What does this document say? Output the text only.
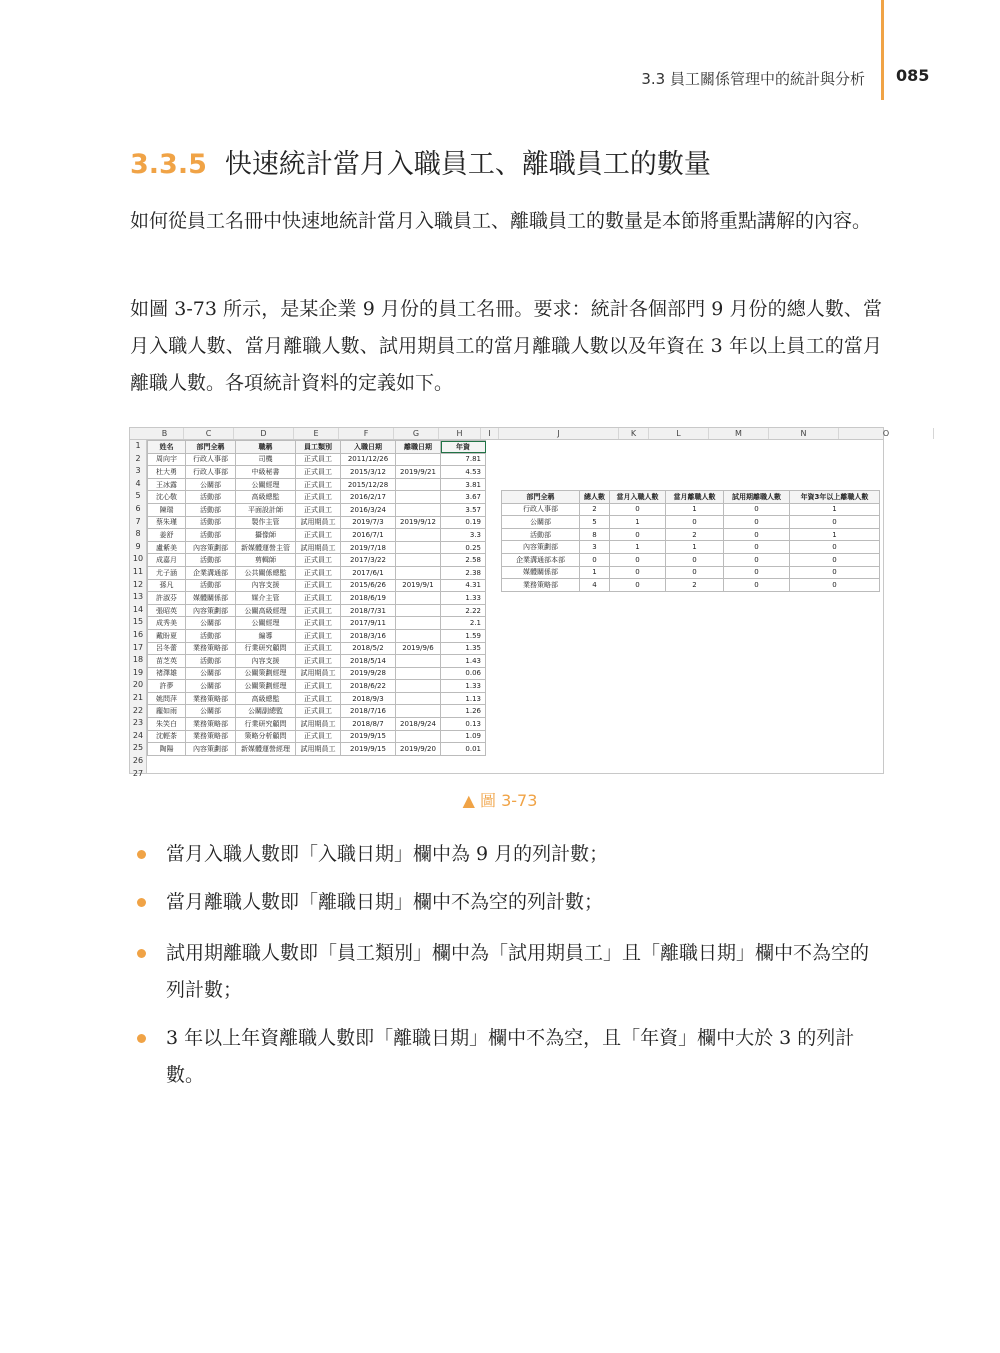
3.3 員工關係管理中的統計與分析 085
3.3.5 快速統計當月入職員工、離職員工的數量
如何從員工名冊中快速地統計當月入職員工、離職員工的數量是本節將重點講解的內容。
如圖 3-73 所示，是某企業 9 月份的員工名冊。要求：統計各個部門 9 月份的總人數、當月入職人數、當月離職人數、試用期員工的當月離職人數以及年資在 3 年以上員工的當月離職人數。各項統計資料的定義如下。
B	C	D	E	F	G	H	I	J	K	L	M	N	O
1
2
3
4
5
6
7
8
9
10
11
12
13
14
15
16
17
18
19
20
21
22
23
24
25
26
27
姓名	部門全稱	職稱	員工類別	入職日期	離職日期	年資
周向宇	行政人事部	司機	正式員工	2011/12/26		7.81
杜大勇	行政人事部	中級秘書	正式員工	2015/3/12	2019/9/21	4.53
王冰露	公關部	公關經理	正式員工	2015/12/28		3.81
沈心敬	活動部	高級總監	正式員工	2016/2/17		3.67
陳瑞	活動部	平面設計師	正式員工	2016/3/24		3.57
蔡朱瑾	活動部	製作主管	試用期員工	2019/7/3	2019/9/12	0.19
姜舒	活動部	攝像師	正式員工	2016/7/1		3.3
盧紫美	內容策劃部	新媒體運營主管	試用期員工	2019/7/18		0.25
成嘉月	活動部	剪輯師	正式員工	2017/3/22		2.58
尤子涵	企業溝通部	公共關係總監	正式員工	2017/6/1		2.38
孫凡	活動部	內容支援	正式員工	2015/6/26	2019/9/1	4.31
許淑芬	媒體關係部	媒介主管	正式員工	2018/6/19		1.33
張昭英	內容策劃部	公關高級經理	正式員工	2018/7/31		2.22
成秀美	公關部	公關經理	正式員工	2017/9/11		2.1
戴盼夏	活動部	編導	正式員工	2018/3/16		1.59
呂冬蕾	業務策略部	行業研究顧問	正式員工	2018/5/2	2019/9/6	1.35
苗芝英	活動部	內容支援	正式員工	2018/5/14		1.43
褚澤雄	公關部	公關策劃經理	試用期員工	2019/9/28		0.06
許夢	公關部	公關策劃經理	正式員工	2018/6/22		1.33
姚問萍	業務策略部	高級總監	正式員工	2018/9/3		1.13
龐如雨	公關部	公關副總監	正式員工	2018/7/16		1.26
朱笑白	業務策略部	行業研究顧問	試用期員工	2018/8/7	2018/9/24	0.13
沈輕茶	業務策略部	策略分析顧問	正式員工	2019/9/15		1.09
陶陽	內容策劃部	新媒體運營經理	試用期員工	2019/9/15	2019/9/20	0.01
部門全稱	總人數	當月入職人數	當月離職人數	試用期離職人數	年資3年以上離職人數
行政人事部	2	0	1	0	1
公關部	5	1	0	0	0
活動部	8	0	2	0	1
內容策劃部	3	1	1	0	0
企業溝通部本部	0	0	0	0	0
媒體關係部	1	0	0	0	0
業務策略部	4	0	2	0	0
▲ 圖 3-73
當月入職人數即「入職日期」欄中為 9 月的列計數；
當月離職人數即「離職日期」欄中不為空的列計數；
試用期離職人數即「員工類別」欄中為「試用期員工」且「離職日期」欄中不為空的列計數；
3 年以上年資離職人數即「離職日期」欄中不為空，且「年資」欄中大於 3 的列計數。
